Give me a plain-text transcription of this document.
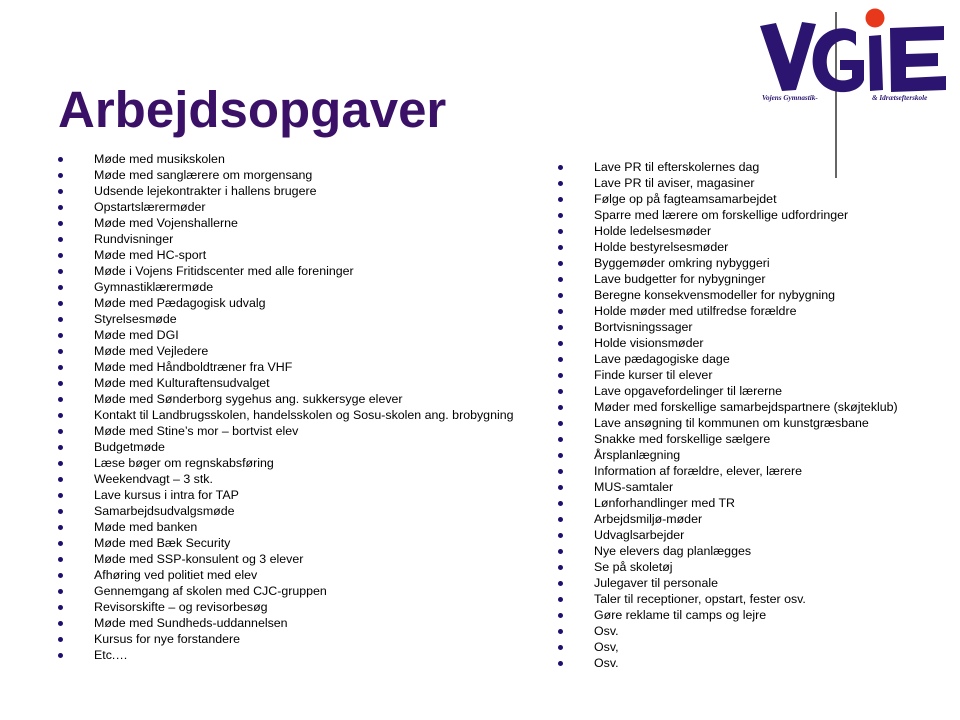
Arbejdsopgaver	Vojens Gymnastik-	& Idrætsefterskole
Møde med musikskolen
Møde med sanglærere om morgensang
Udsende lejekontrakter i hallens brugere
Opstartslærermøder
Møde med Vojenshallerne
Rundvisninger
Møde med HC-sport
Møde i Vojens Fritidscenter med alle foreninger
Gymnastiklærermøde
Møde med Pædagogisk udvalg
Styrelsesmøde
Møde med DGI
Møde med Vejledere
Møde med Håndboldtræner fra VHF
Møde med Kulturaftensudvalget
Møde med Sønderborg sygehus ang. sukkersyge elever
Kontakt til Landbrugsskolen, handelsskolen og Sosu-skolen ang. brobygning
Møde med Stine’s mor – bortvist elev
Budgetmøde
Læse bøger om regnskabsføring
Weekendvagt – 3 stk.
Lave kursus i intra for TAP
Samarbejdsudvalgsmøde
Møde med banken
Møde med Bæk Security
Møde med SSP-konsulent og 3 elever
Afhøring ved politiet med elev
Gennemgang af skolen med CJC-gruppen
Revisorskifte – og revisorbesøg
Møde med Sundheds-uddannelsen
Kursus for nye forstandere
Etc.…
Lave PR til efterskolernes dag
Lave PR til aviser, magasiner
Følge op på fagteamsamarbejdet
Sparre med lærere om forskellige udfordringer
Holde ledelsesmøder
Holde bestyrelsesmøder
Byggemøder omkring nybyggeri
Lave budgetter for nybygninger
Beregne konsekvensmodeller for nybygning
Holde møder med utilfredse forældre
Bortvisningssager
Holde visionsmøder
Lave pædagogiske dage
Finde kurser til elever
Lave opgavefordelinger til lærerne
Møder med forskellige samarbejdspartnere (skøjteklub)
Lave ansøgning til kommunen om kunstgræsbane
Snakke med forskellige sælgere
Årsplanlægning
Information af forældre, elever, lærere
MUS-samtaler
Lønforhandlinger med TR
Arbejdsmiljø-møder
Udvaglsarbejder
Nye elevers dag planlægges
Se på skoletøj
Julegaver til personale
Taler til receptioner, opstart, fester osv.
Gøre reklame til camps og lejre
Osv.
Osv,
Osv.
